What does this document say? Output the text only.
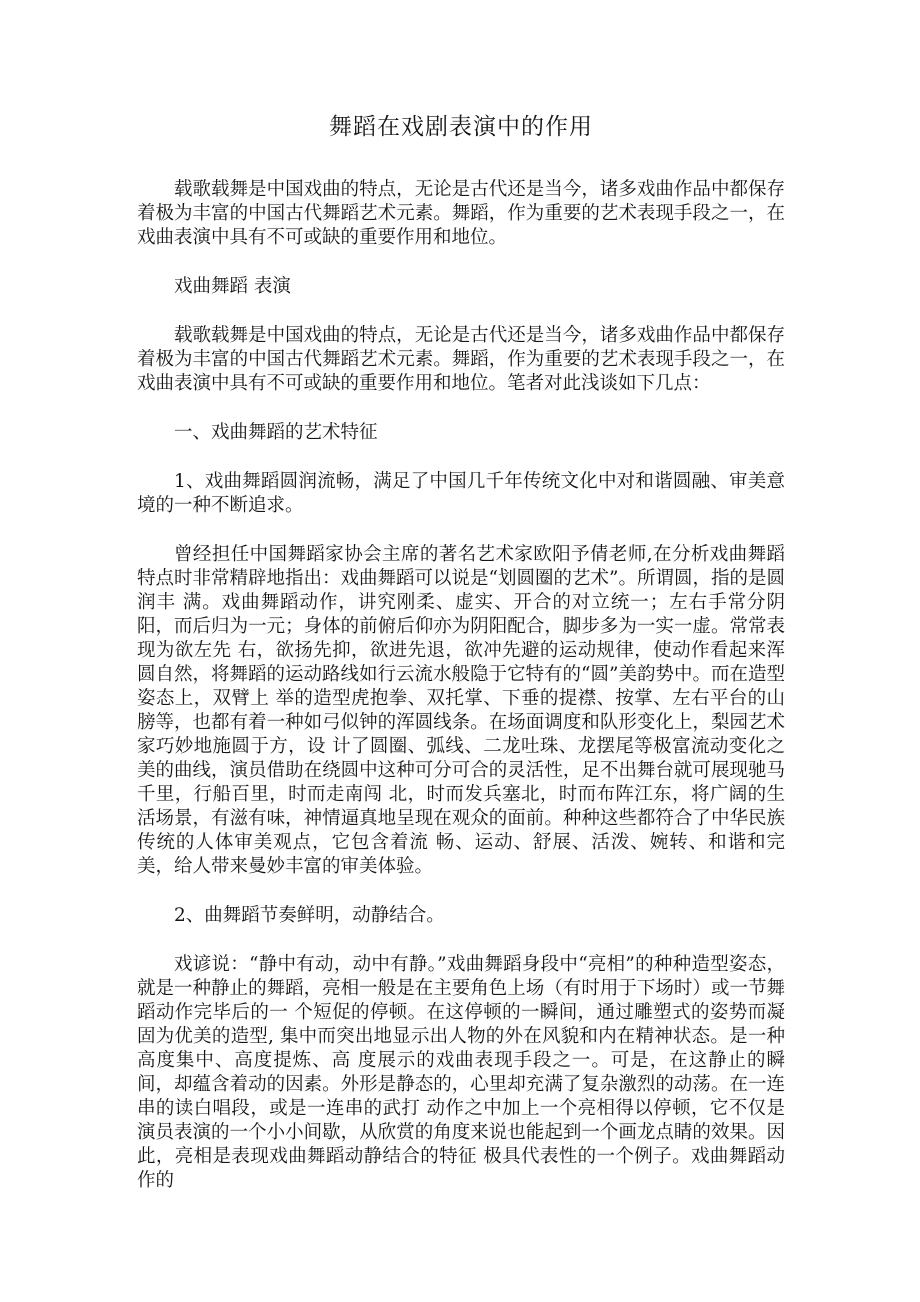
舞蹈在戏剧表演中的作用

载歌载舞是中国戏曲的特点，无论是古代还是当今，诸多戏曲作品中都保存着极为丰富的中国古代舞蹈艺术元素。舞蹈，作为重要的艺术表现手段之一，在戏曲表演中具有不可或缺的重要作用和地位。

戏曲舞蹈 表演

载歌载舞是中国戏曲的特点，无论是古代还是当今，诸多戏曲作品中都保存着极为丰富的中国古代舞蹈艺术元素。舞蹈，作为重要的艺术表现手段之一，在戏曲表演中具有不可或缺的重要作用和地位。笔者对此浅谈如下几点：

一、戏曲舞蹈的艺术特征

1、戏曲舞蹈圆润流畅，满足了中国几千年传统文化中对和谐圆融、审美意境的一种不断追求。

曾经担任中国舞蹈家协会主席的著名艺术家欧阳予倩老师,在分析戏曲舞蹈特点时非常精辟地指出：戏曲舞蹈可以说是“划圆圈的艺术”。所谓圆，指的是圆润丰 满。戏曲舞蹈动作，讲究刚柔、虚实、开合的对立统一；左右手常分阴阳，而后归为一元；身体的前俯后仰亦为阴阳配合，脚步多为一实一虚。常常表现为欲左先 右，欲扬先抑，欲进先退，欲冲先避的运动规律，使动作看起来浑圆自然，将舞蹈的运动路线如行云流水般隐于它特有的“圆”美韵势中。而在造型姿态上，双臂上 举的造型虎抱拳、双托掌、下垂的提襟、按掌、左右平台的山膀等，也都有着一种如弓似钟的浑圆线条。在场面调度和队形变化上，梨园艺术家巧妙地施圆于方，设 计了圆圈、弧线、二龙吐珠、龙摆尾等极富流动变化之美的曲线，演员借助在绕圆中这种可分可合的灵活性，足不出舞台就可展现驰马千里，行船百里，时而走南闯 北，时而发兵塞北，时而布阵江东，将广阔的生活场景，有滋有味，神情逼真地呈现在观众的面前。种种这些都符合了中华民族传统的人体审美观点，它包含着流 畅、运动、舒展、活泼、婉转、和谐和完美，给人带来曼妙丰富的审美体验。

2、曲舞蹈节奏鲜明，动静结合。

戏谚说：“静中有动，动中有静。”戏曲舞蹈身段中“亮相”的种种造型姿态，就是一种静止的舞蹈，亮相一般是在主要角色上场（有时用于下场时）或一节舞蹈动作完毕后的一 个短促的停顿。在这停顿的一瞬间，通过雕塑式的姿势而凝固为优美的造型, 集中而突出地显示出人物的外在风貌和内在精神状态。是一种高度集中、高度提炼、高 度展示的戏曲表现手段之一。可是，在这静止的瞬间，却蕴含着动的因素。外形是静态的，心里却充满了复杂激烈的动荡。在一连串的读白唱段，或是一连串的武打 动作之中加上一个亮相得以停顿，它不仅是演员表演的一个小小间歇，从欣赏的角度来说也能起到一个画龙点睛的效果。因此，亮相是表现戏曲舞蹈动静结合的特征 极具代表性的一个例子。戏曲舞蹈动作的
